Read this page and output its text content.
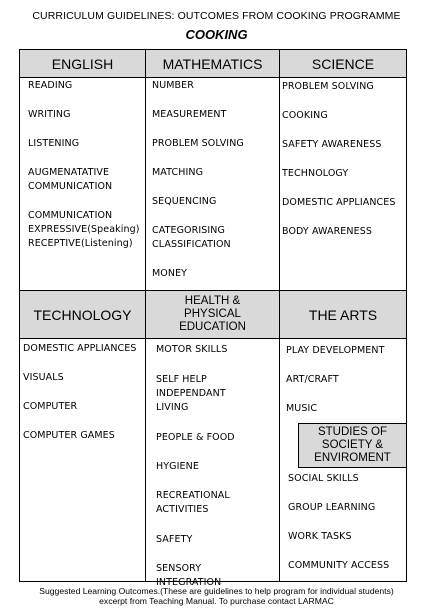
CURRICULUM GUIDELINES: OUTCOMES FROM COOKING PROGRAMME
COOKING
ENGLISH	MATHEMATICS	SCIENCE
TECHNOLOGY
HEALTH &
PHYSICAL
EDUCATION
THE ARTS
STUDIES OF
SOCIETY &
ENVIROMENT
READING
WRITING
LISTENING
AUGMENATATIVE
COMMUNICATION
COMMUNICATION
EXPRESSIVE(Speaking)
RECEPTIVE(Listening)
NUMBER
MEASUREMENT
PROBLEM SOLVING
MATCHING
SEQUENCING
CATEGORISING
CLASSIFICATION
MONEY
PROBLEM SOLVING
COOKING
SAFETY AWARENESS
TECHNOLOGY
DOMESTIC APPLIANCES
BODY AWARENESS
DOMESTIC APPLIANCES
VISUALS
COMPUTER
COMPUTER GAMES
MOTOR SKILLS
SELF HELP
INDEPENDANT
LIVING
PEOPLE & FOOD
HYGIENE
RECREATIONAL
ACTIVITIES
SAFETY
SENSORY
INTEGRATION
PLAY DEVELOPMENT
ART/CRAFT
MUSIC
SOCIAL SKILLS
GROUP LEARNING
WORK TASKS
COMMUNITY ACCESS
Suggested Learning Outcomes.(These are guidelines to help program for individual students)
excerpt from Teaching Manual. To purchase contact LARMAC
